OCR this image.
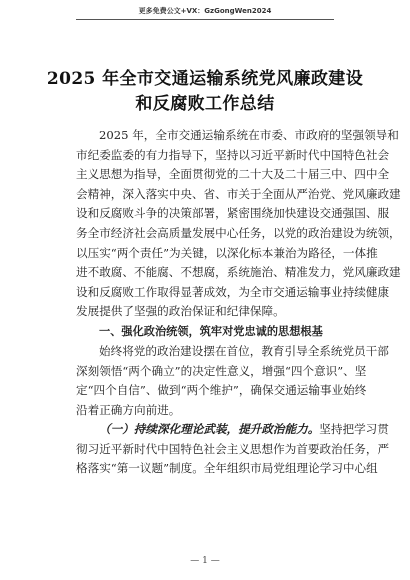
更多免费公文+VX：GzGongWen2024
2025 年全市交通运输系统党风廉政建设
和反腐败工作总结
2025 年，全市交通运输系统在市委、市政府的坚强领导和
市纪委监委的有力指导下，坚持以习近平新时代中国特色社会
主义思想为指导，全面贯彻党的二十大及二十届三中、四中全
会精神，深入落实中央、省、市关于全面从严治党、党风廉政建
设和反腐败斗争的决策部署，紧密围绕加快建设交通强国、服
务全市经济社会高质量发展中心任务，以党的政治建设为统领，
以压实“两个责任”为关键，以深化标本兼治为路径，一体推
进不敢腐、不能腐、不想腐，系统施治、精准发力，党风廉政建
设和反腐败工作取得显著成效，为全市交通运输事业持续健康
发展提供了坚强的政治保证和纪律保障。
一、强化政治统领，筑牢对党忠诚的思想根基
始终将党的政治建设摆在首位，教育引导全系统党员干部
深刻领悟“两个确立”的决定性意义，增强“四个意识”、坚
定“四个自信”、做到“两个维护”，确保交通运输事业始终
沿着正确方向前进。
（一）持续深化理论武装，提升政治能力。坚持把学习贯
彻习近平新时代中国特色社会主义思想作为首要政治任务，严
格落实“第一议题”制度。全年组织市局党组理论学习中心组
— 1 —
